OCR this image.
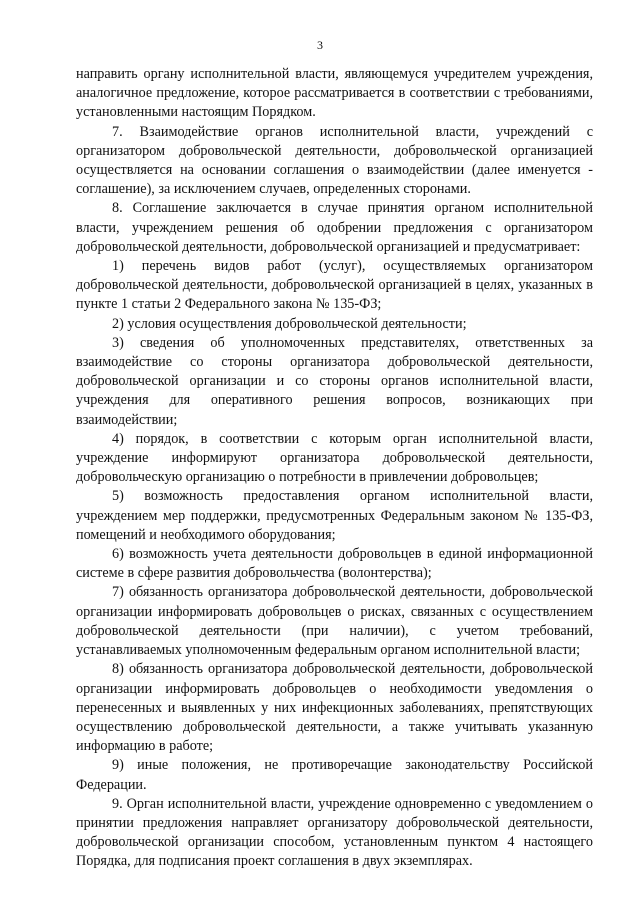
3

направить органу исполнительной власти, являющемуся учредителем учреждения, аналогичное предложение, которое рассматривается в соответствии с требованиями, установленными настоящим Порядком.

7. Взаимодействие органов исполнительной власти, учреждений с организатором добровольческой деятельности, добровольческой организацией осуществляется на основании соглашения о взаимодействии (далее именуется - соглашение), за исключением случаев, определенных сторонами.

8. Соглашение заключается в случае принятия органом исполнительной власти, учреждением решения об одобрении предложения с организатором добровольческой деятельности, добровольческой организацией и предусматривает:

1) перечень видов работ (услуг), осуществляемых организатором добровольческой деятельности, добровольческой организацией в целях, указанных в пункте 1 статьи 2 Федерального закона № 135-ФЗ;

2) условия осуществления добровольческой деятельности;

3) сведения об уполномоченных представителях, ответственных за взаимодействие со стороны организатора добровольческой деятельности, добровольческой организации и со стороны органов исполнительной власти, учреждения для оперативного решения вопросов, возникающих при взаимодействии;

4) порядок, в соответствии с которым орган исполнительной власти, учреждение информируют организатора добровольческой деятельности, добровольческую организацию о потребности в привлечении добровольцев;

5) возможность предоставления органом исполнительной власти, учреждением мер поддержки, предусмотренных Федеральным законом № 135-ФЗ, помещений и необходимого оборудования;

6) возможность учета деятельности добровольцев в единой информационной системе в сфере развития добровольчества (волонтерства);

7) обязанность организатора добровольческой деятельности, добровольческой организации информировать добровольцев о рисках, связанных с осуществлением добровольческой деятельности (при наличии), с учетом требований, устанавливаемых уполномоченным федеральным органом исполнительной власти;

8) обязанность организатора добровольческой деятельности, добровольческой организации информировать добровольцев о необходимости уведомления о перенесенных и выявленных у них инфекционных заболеваниях, препятствующих осуществлению добровольческой деятельности, а также учитывать указанную информацию в работе;

9) иные положения, не противоречащие законодательству Российской Федерации.

9. Орган исполнительной власти, учреждение одновременно с уведомлением о принятии предложения направляет организатору добровольческой деятельности, добровольческой организации способом, установленным пунктом 4 настоящего Порядка, для подписания проект соглашения в двух экземплярах.
